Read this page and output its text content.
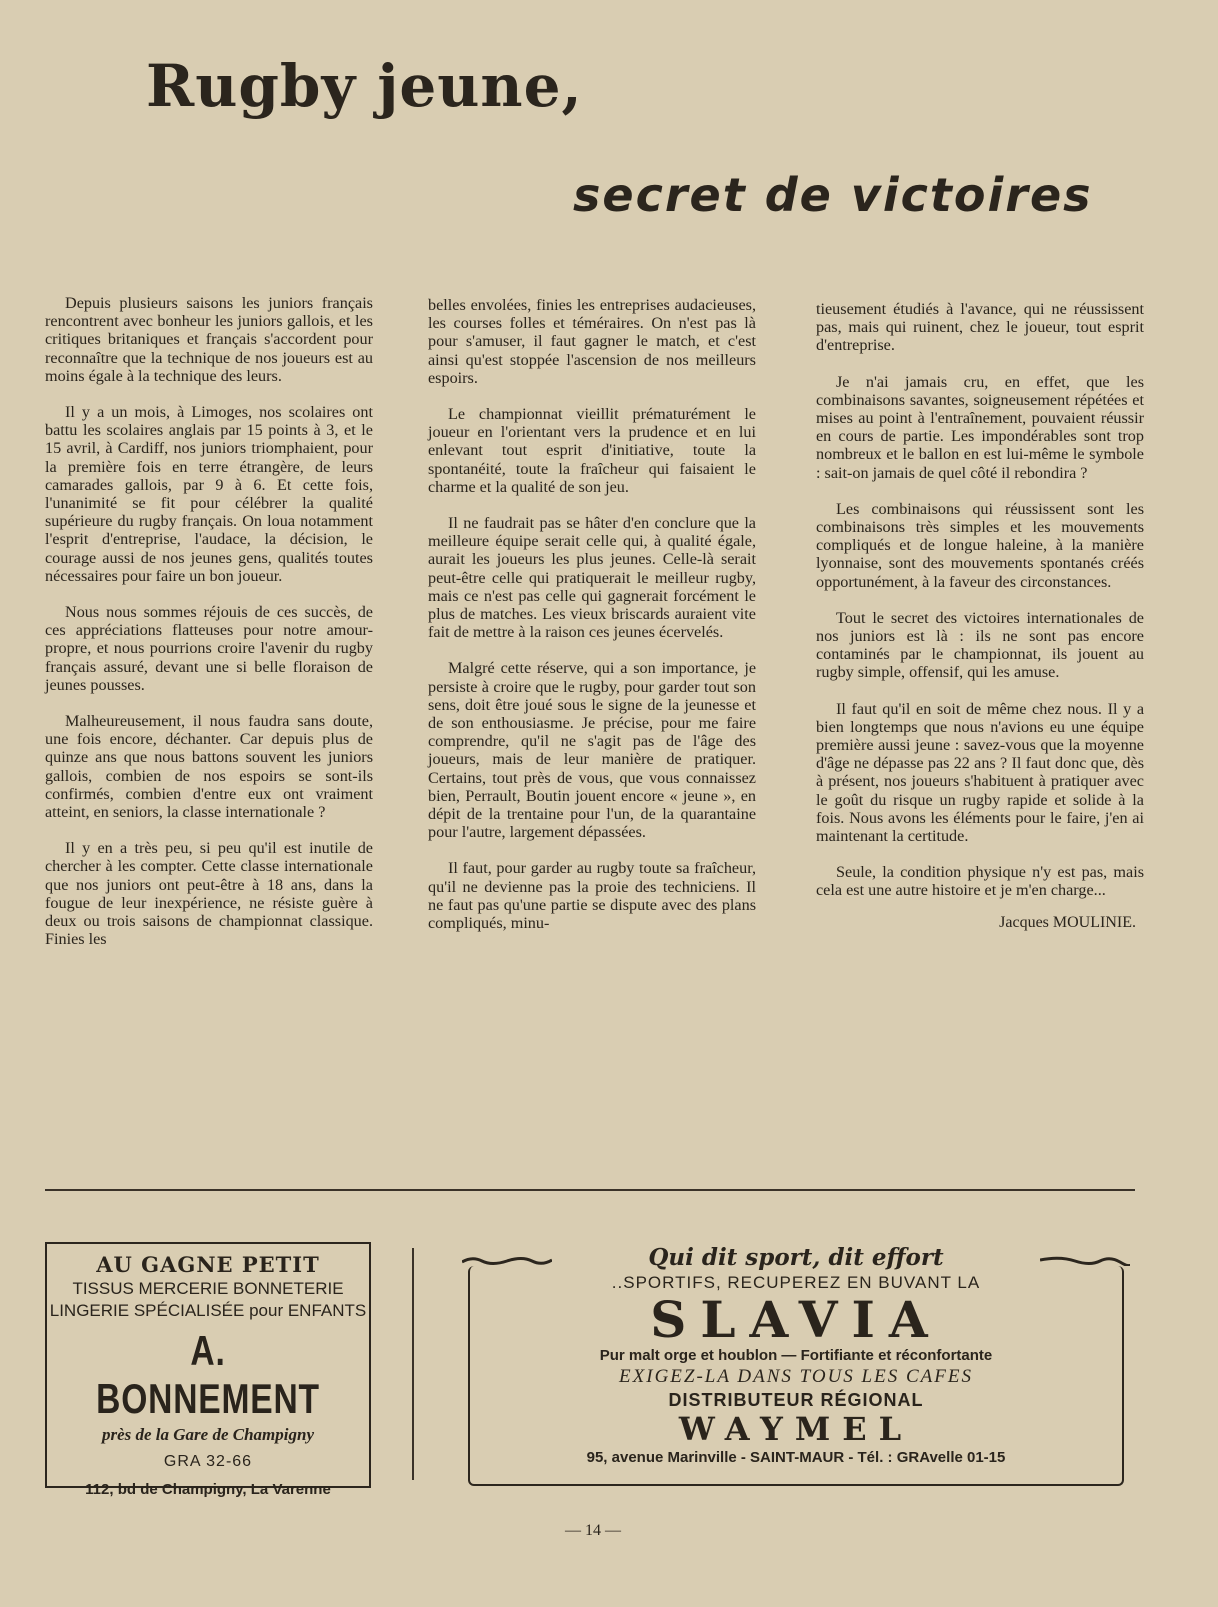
Rugby jeune,
secret de victoires

Depuis plusieurs saisons les juniors français rencontrent avec bonheur les juniors gallois, et les critiques britaniques et français s'accordent pour reconnaître que la technique de nos joueurs est au moins égale à la technique des leurs.

Il y a un mois, à Limoges, nos scolaires ont battu les scolaires anglais par 15 points à 3, et le 15 avril, à Cardiff, nos juniors triomphaient, pour la première fois en terre étrangère, de leurs camarades gallois, par 9 à 6. Et cette fois, l'unanimité se fit pour célébrer la qualité supérieure du rugby français. On loua notamment l'esprit d'entreprise, l'audace, la décision, le courage aussi de nos jeunes gens, qualités toutes nécessaires pour faire un bon joueur.

Nous nous sommes réjouis de ces succès, de ces appréciations flatteuses pour notre amour-propre, et nous pourrions croire l'avenir du rugby français assuré, devant une si belle floraison de jeunes pousses.

Malheureusement, il nous faudra sans doute, une fois encore, déchanter. Car depuis plus de quinze ans que nous battons souvent les juniors gallois, combien de nos espoirs se sont-ils confirmés, combien d'entre eux ont vraiment atteint, en seniors, la classe internationale ?

Il y en a très peu, si peu qu'il est inutile de chercher à les compter. Cette classe internationale que nos juniors ont peut-être à 18 ans, dans la fougue de leur inexpérience, ne résiste guère à deux ou trois saisons de championnat classique. Finies les

belles envolées, finies les entreprises audacieuses, les courses folles et téméraires. On n'est pas là pour s'amuser, il faut gagner le match, et c'est ainsi qu'est stoppée l'ascension de nos meilleurs espoirs.

Le championnat vieillit prématurément le joueur en l'orientant vers la prudence et en lui enlevant tout esprit d'initiative, toute la spontanéité, toute la fraîcheur qui faisaient le charme et la qualité de son jeu.

Il ne faudrait pas se hâter d'en conclure que la meilleure équipe serait celle qui, à qualité égale, aurait les joueurs les plus jeunes. Celle-là serait peut-être celle qui pratiquerait le meilleur rugby, mais ce n'est pas celle qui gagnerait forcément le plus de matches. Les vieux briscards auraient vite fait de mettre à la raison ces jeunes écervelés.

Malgré cette réserve, qui a son importance, je persiste à croire que le rugby, pour garder tout son sens, doit être joué sous le signe de la jeunesse et de son enthousiasme. Je précise, pour me faire comprendre, qu'il ne s'agit pas de l'âge des joueurs, mais de leur manière de pratiquer. Certains, tout près de vous, que vous connaissez bien, Perrault, Boutin jouent encore « jeune », en dépit de la trentaine pour l'un, de la quarantaine pour l'autre, largement dépassées.

Il faut, pour garder au rugby toute sa fraîcheur, qu'il ne devienne pas la proie des techniciens. Il ne faut pas qu'une partie se dispute avec des plans compliqués, minu-

tieusement étudiés à l'avance, qui ne réussissent pas, mais qui ruinent, chez le joueur, tout esprit d'entreprise.

Je n'ai jamais cru, en effet, que les combinaisons savantes, soigneusement répétées et mises au point à l'entraînement, pouvaient réussir en cours de partie. Les impondérables sont trop nombreux et le ballon en est lui-même le symbole : sait-on jamais de quel côté il rebondira ?

Les combinaisons qui réussissent sont les combinaisons très simples et les mouvements compliqués et de longue haleine, à la manière lyonnaise, sont des mouvements spontanés créés opportunément, à la faveur des circonstances.

Tout le secret des victoires internationales de nos juniors est là : ils ne sont pas encore contaminés par le championnat, ils jouent au rugby simple, offensif, qui les amuse.

Il faut qu'il en soit de même chez nous. Il y a bien longtemps que nous n'avions eu une équipe première aussi jeune : savez-vous que la moyenne d'âge ne dépasse pas 22 ans ? Il faut donc que, dès à présent, nos joueurs s'habituent à pratiquer avec le goût du risque un rugby rapide et solide à la fois. Nous avons les éléments pour le faire, j'en ai maintenant la certitude.

Seule, la condition physique n'y est pas, mais cela est une autre histoire et je m'en charge...

Jacques MOULINIE.
AU GAGNE PETIT
TISSUS MERCERIE BONNETERIE
LINGERIE SPÉCIALISÉE pour ENFANTS
A. BONNEMENT
près de la Gare de Champigny
GRA 32-66
112, bd de Champigny, La Varenne
Qui dit sport, dit effort
..SPORTIFS, RECUPEREZ EN BUVANT LA
SLAVIA
Pur malt orge et houblon — Fortifiante et réconfortante
EXIGEZ-LA DANS TOUS LES CAFES
DISTRIBUTEUR RÉGIONAL
WAYMEL
95, avenue Marinville - SAINT-MAUR - Tél. : GRAvelle 01-15
— 14 —
